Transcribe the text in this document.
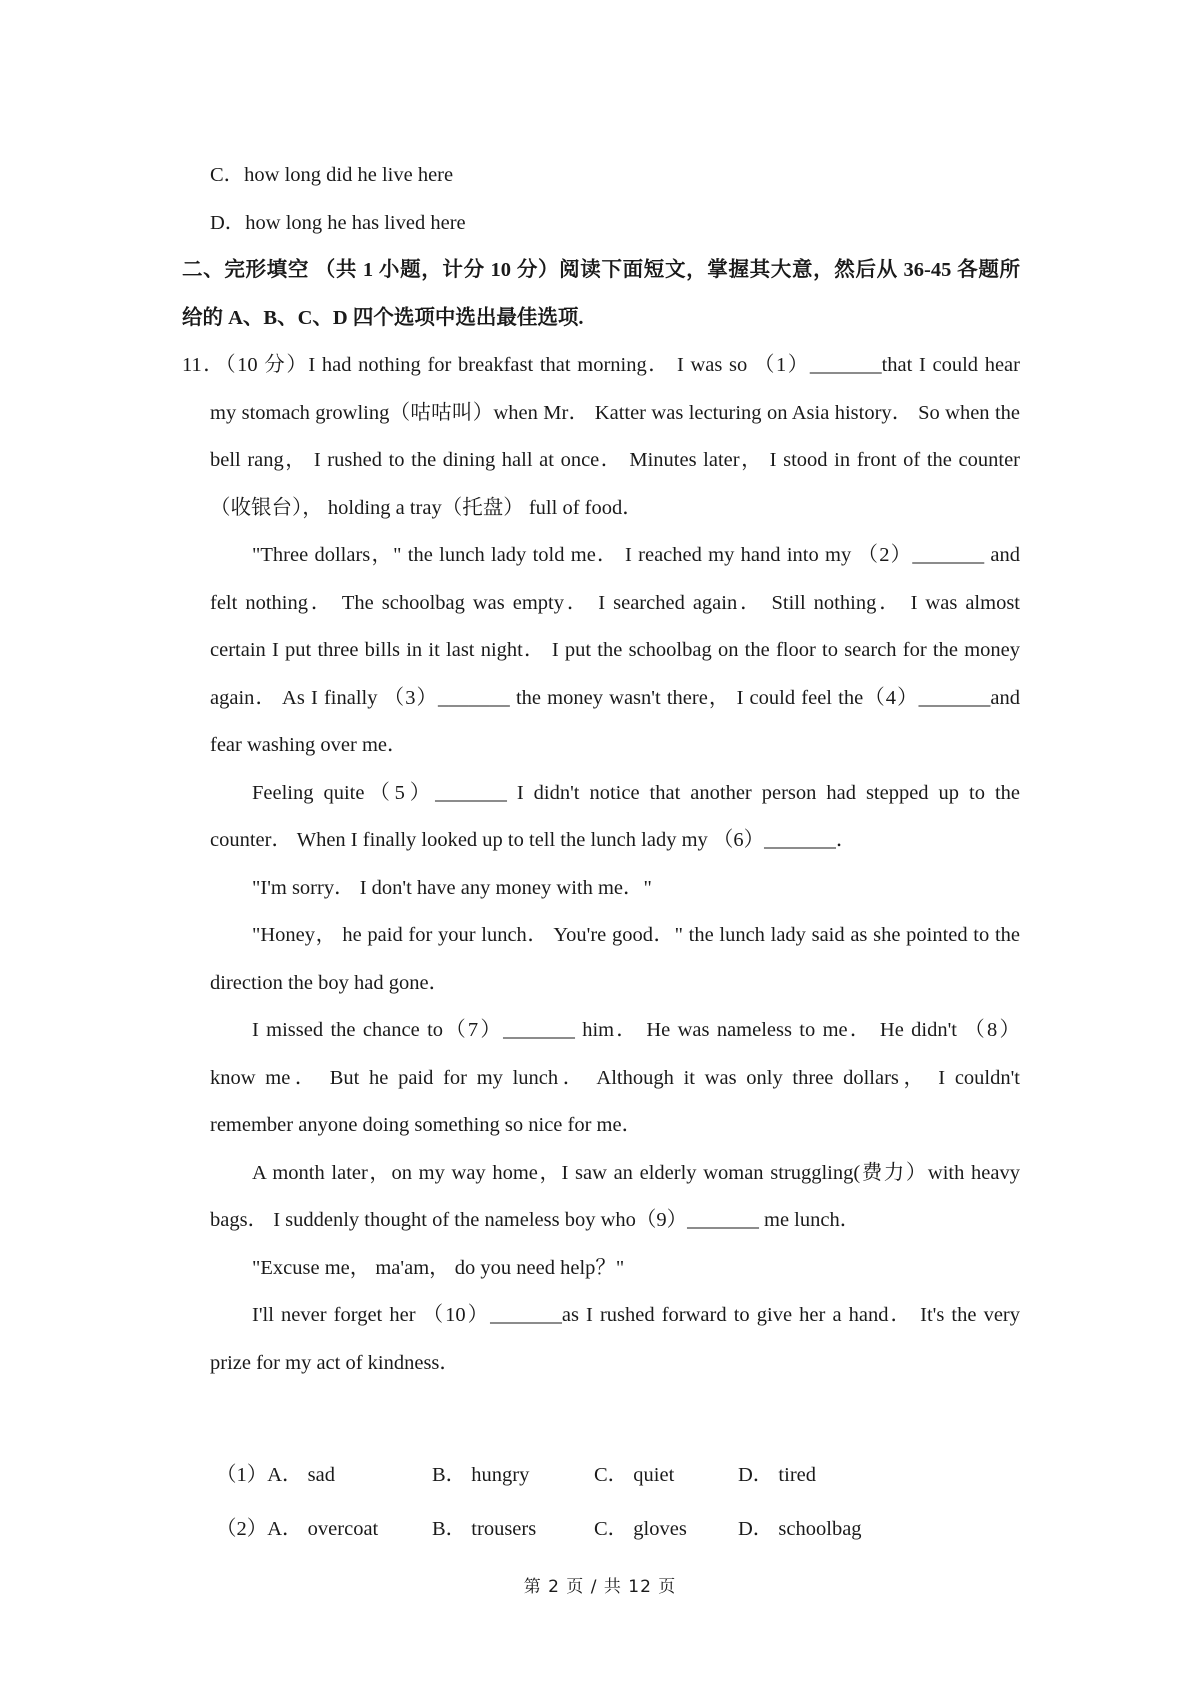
C．how long did he live here
D．how long he has lived here
二、完形填空 （共 1 小题，计分 10 分）阅读下面短文，掌握其大意，然后从 36-45 各题所
给的 A、B、C、D 四个选项中选出最佳选项.
11．（10 分）I had nothing for breakfast that morning． I was so （1）_______that I could hear
my stomach growling（咕咕叫）when Mr． Katter was lecturing on Asia history． So when the
bell rang， I rushed to the dining hall at once． Minutes later， I stood in front of the counter
（收银台）， holding a tray（托盘） full of food．
"Three dollars，" the lunch lady told me． I reached my hand into my （2）_______ and
felt nothing． The schoolbag was empty． I searched again． Still nothing． I was almost
certain I put three bills in it last night． I put the schoolbag on the floor to search for the money
again． As I finally （3）_______ the money wasn't there， I could feel the（4）_______and
fear washing over me．
Feeling quite（5）_______ I didn't notice that another person had stepped up to the
counter． When I finally looked up to tell the lunch lady my （6）_______．
"I'm sorry． I don't have any money with me．"
"Honey， he paid for your lunch． You're good．" the lunch lady said as she pointed to the
direction the boy had gone．
I missed the chance to（7）_______ him． He was nameless to me． He didn't （8）
know me． But he paid for my lunch． Although it was only three dollars， I couldn't
remember anyone doing something so nice for me．
A month later，on my way home，I saw an elderly woman struggling(费力）with heavy
bags． I suddenly thought of the nameless boy who（9）_______ me lunch．
"Excuse me， ma'am， do you need help？"
I'll never forget her （10）_______as I rushed forward to give her a hand． It's the very
prize for my act of kindness．
（1）A． sad	B． hungry	C． quiet	D． tired
（2）A． overcoat	B． trousers	C． gloves D． schoolbag
第 2 页 / 共 12 页
